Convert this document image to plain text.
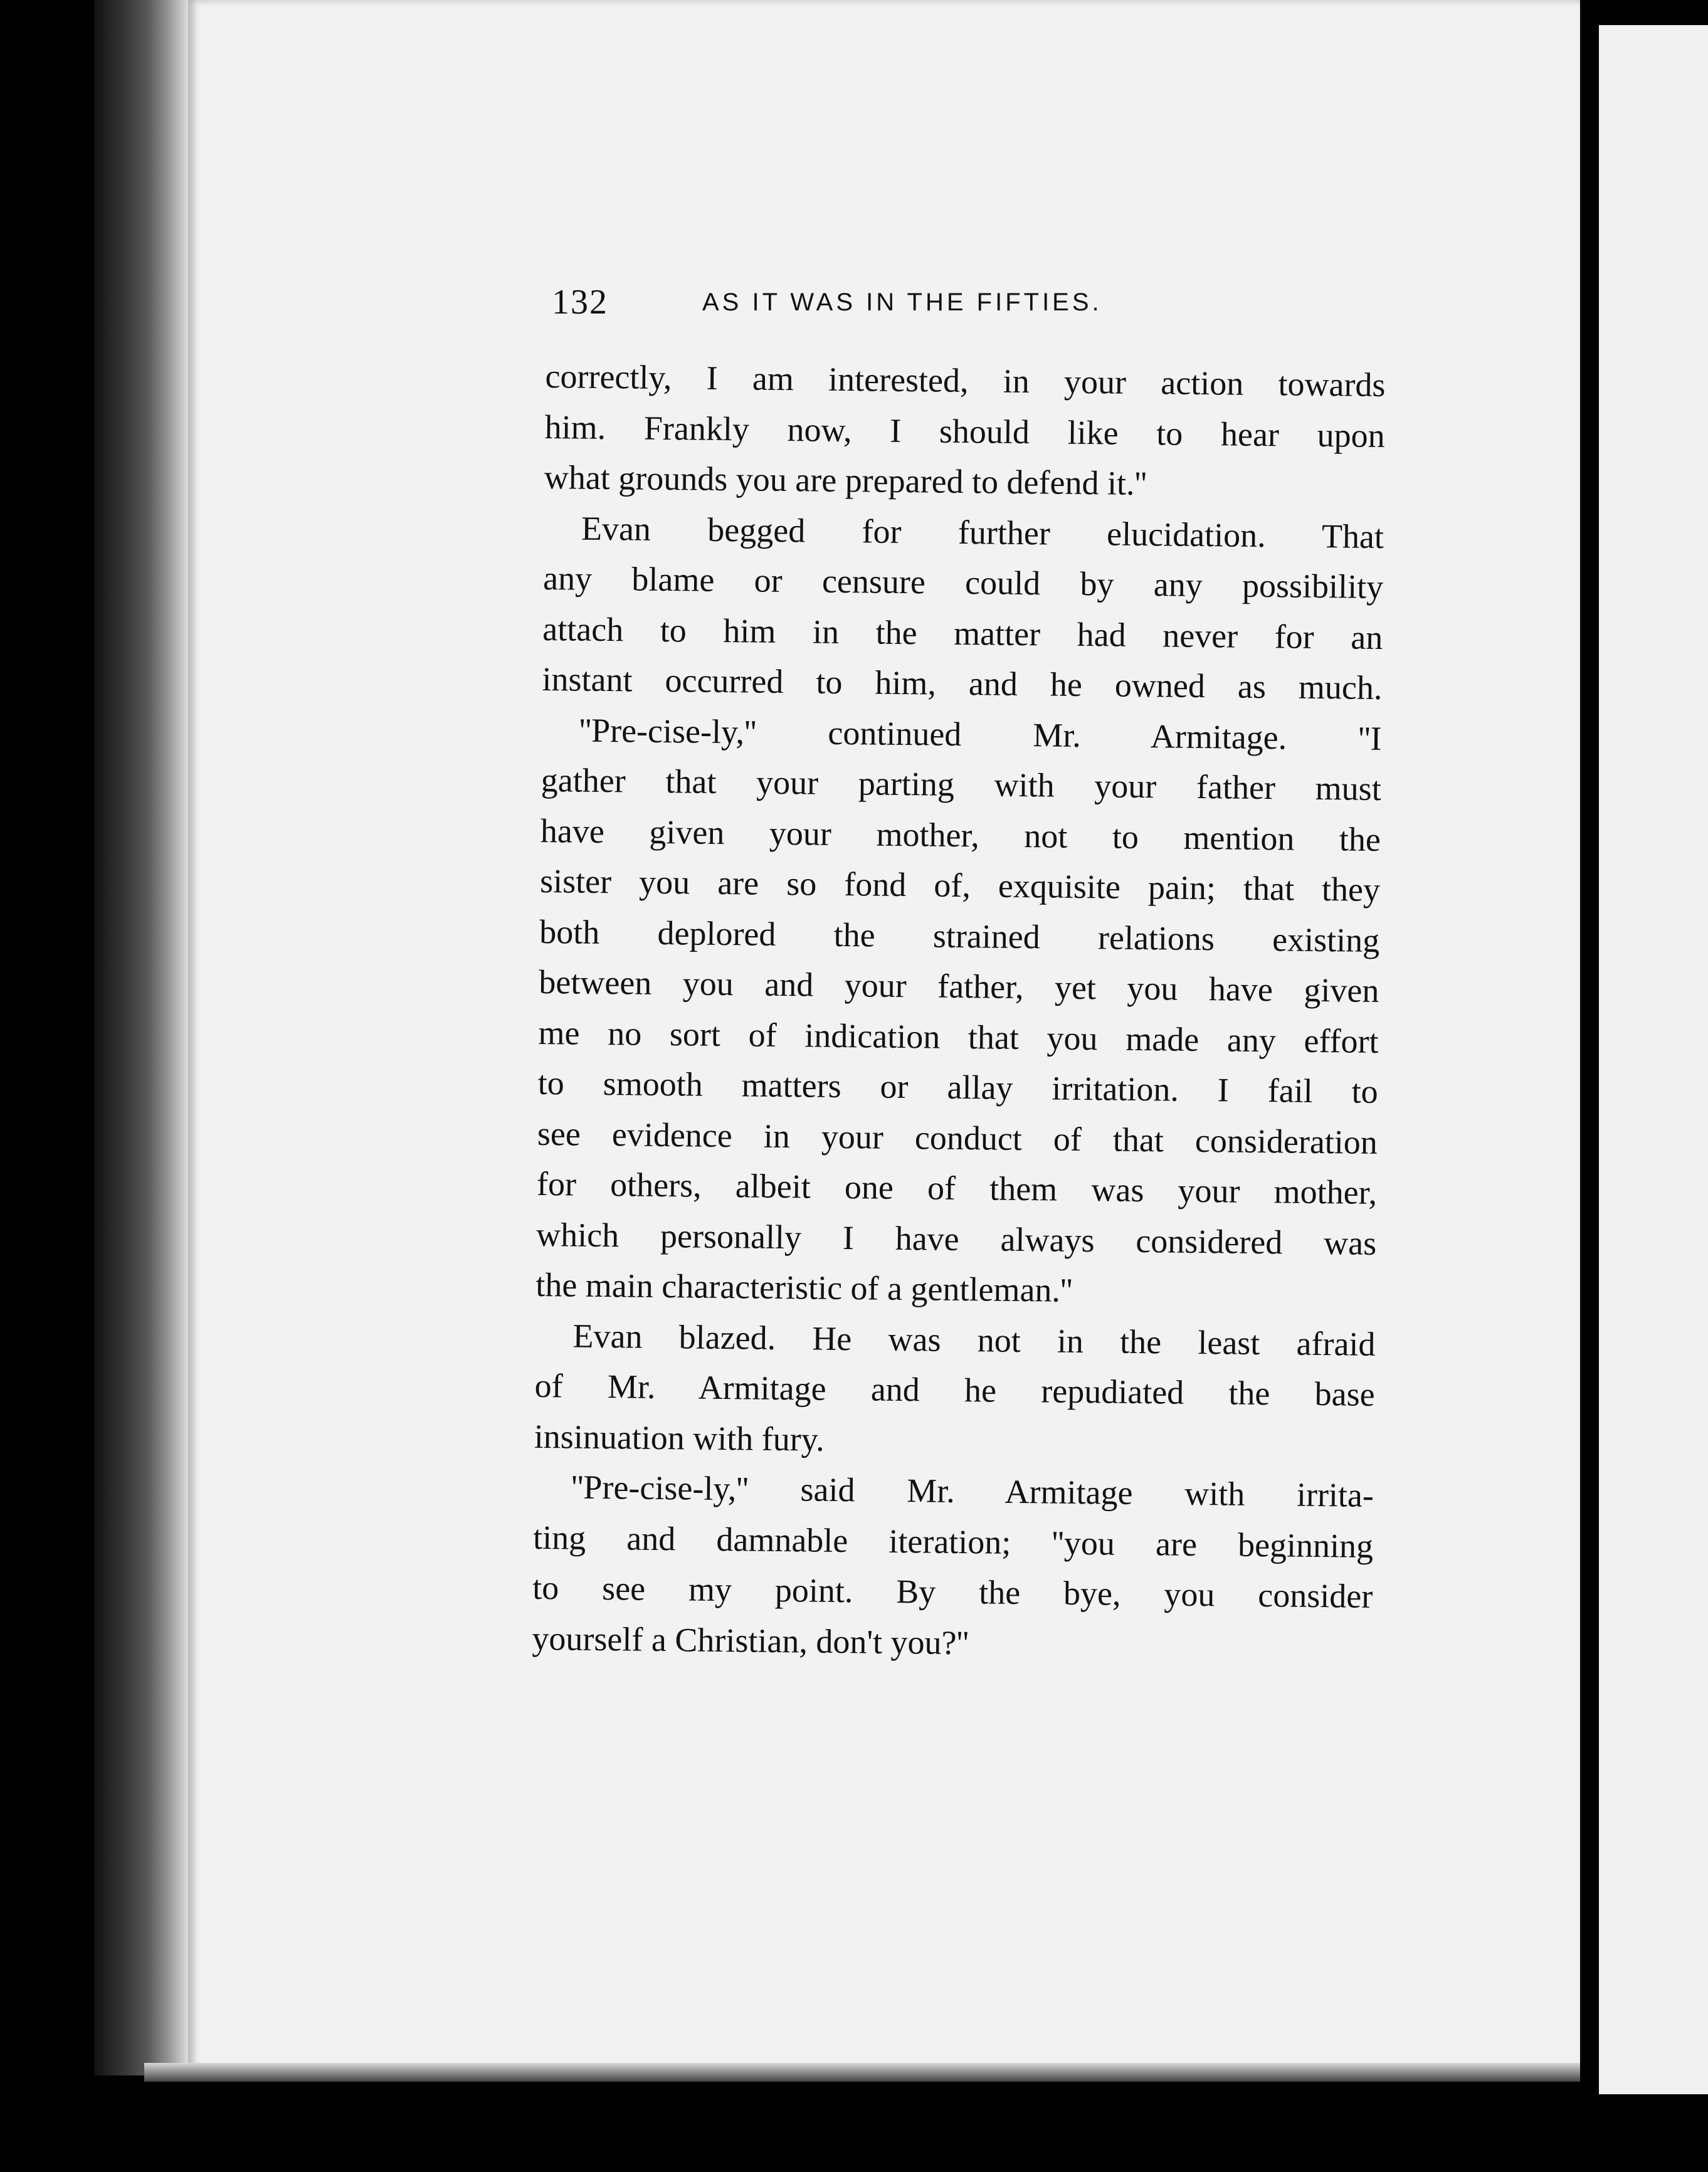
132	AS IT WAS IN THE FIFTIES.
correctly, I am interested, in your action towards
him. Frankly now, I should like to hear upon
what grounds you are prepared to defend it.''
Evan begged for further elucidation. That
any blame or censure could by any possibility
attach to him in the matter had never for an
instant occurred to him, and he owned as much.
''Pre-cise-ly,'' continued Mr. Armitage. ''I
gather that your parting with your father must
have given your mother, not to mention the
sister you are so fond of, exquisite pain; that they
both deplored the strained relations existing
between you and your father, yet you have given
me no sort of indication that you made any effort
to smooth matters or allay irritation. I fail to
see evidence in your conduct of that consideration
for others, albeit one of them was your mother,
which personally I have always considered was
the main characteristic of a gentleman.''
Evan blazed. He was not in the least afraid
of Mr. Armitage and he repudiated the base
insinuation with fury.
''Pre-cise-ly,'' said Mr. Armitage with irrita-
ting and damnable iteration; ''you are beginning
to see my point. By the bye, you consider
yourself a Christian, don't you?''
